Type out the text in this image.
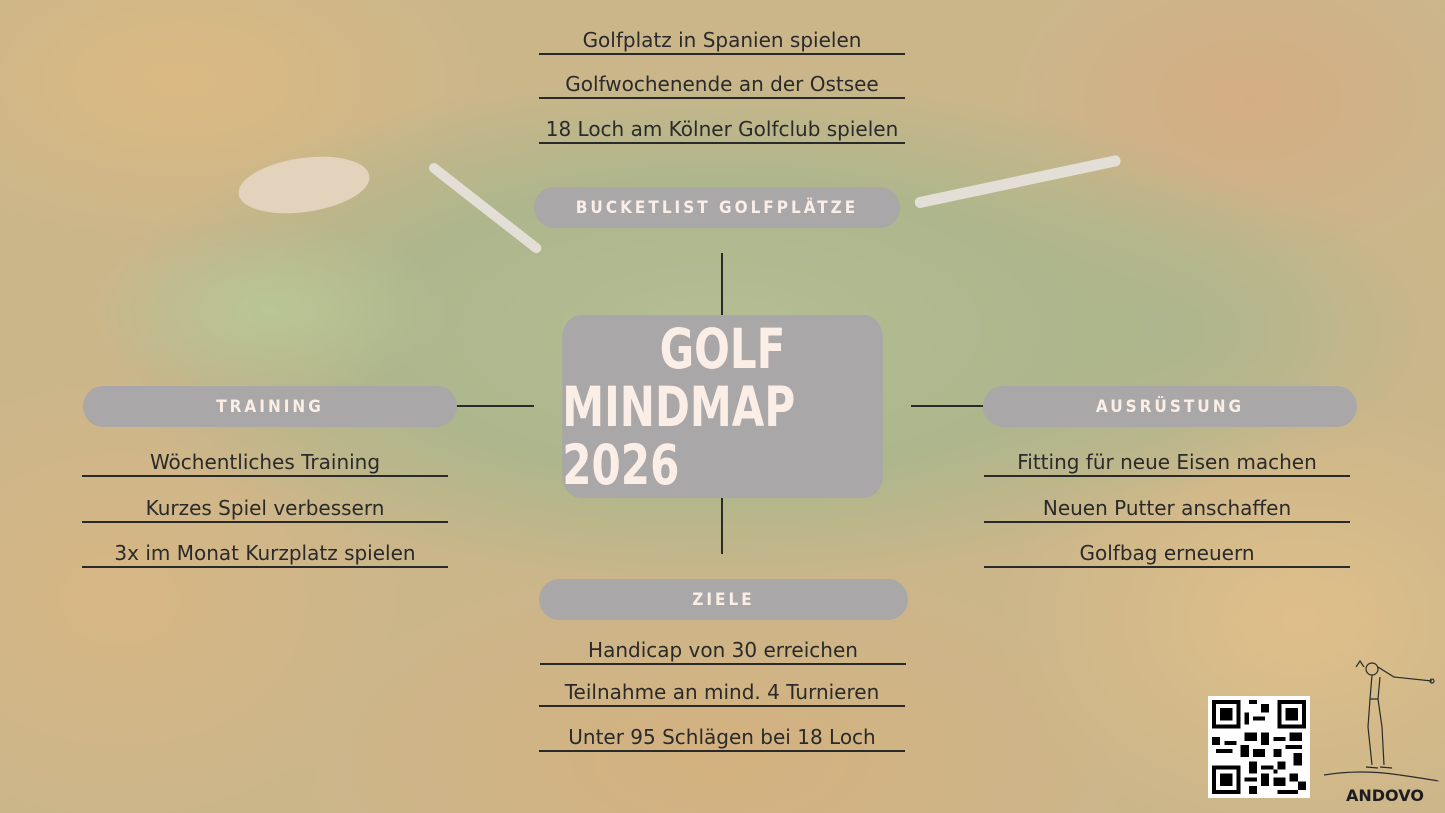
GOLF
MINDMAP 2026
Golfplatz in Spanien spielen
Golfwochenende an der Ostsee
18 Loch am Kölner Golfclub spielen
BUCKETLIST GOLFPLÄTZE
TRAINING
Wöchentliches Training
Kurzes Spiel verbessern
3x im Monat Kurzplatz spielen
AUSRÜSTUNG
Fitting für neue Eisen machen
Neuen Putter anschaffen
Golfbag erneuern
ZIELE
Handicap von 30 erreichen
Teilnahme an mind. 4 Turnieren
Unter 95 Schlägen bei 18 Loch
ANDOVO
